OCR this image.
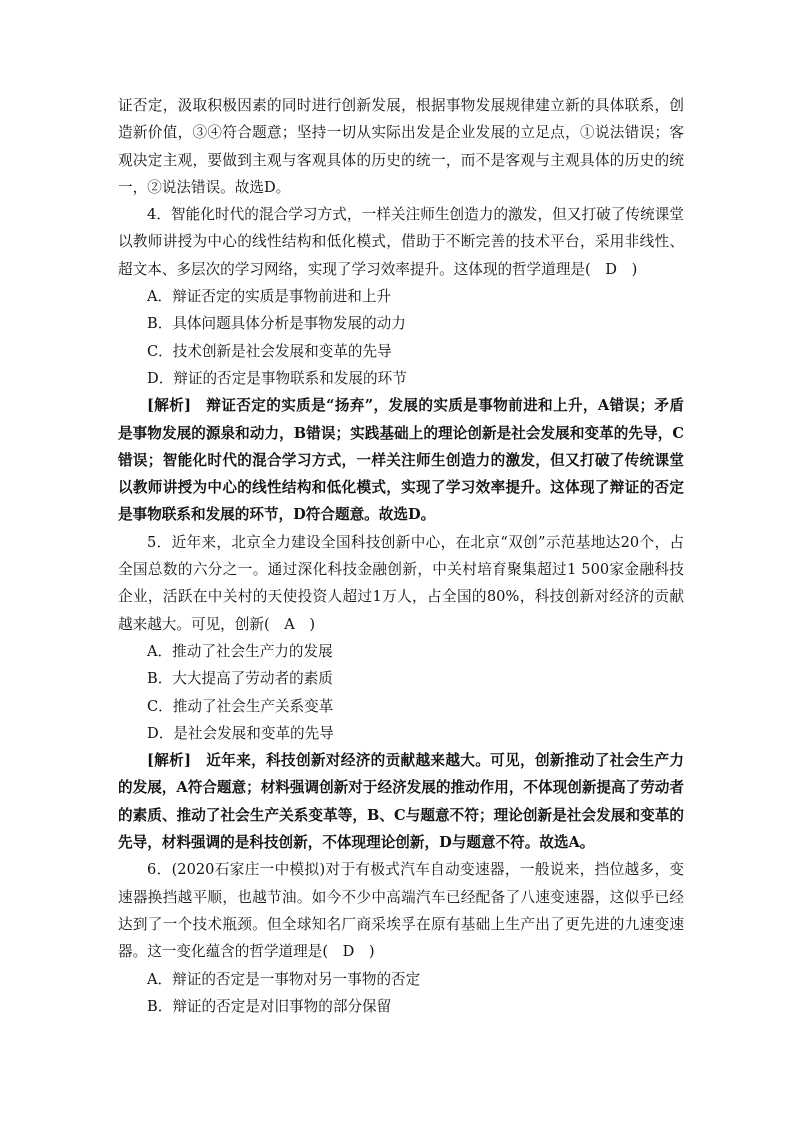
证否定，汲取积极因素的同时进行创新发展，根据事物发展规律建立新的具体联系，创造新价值，③④符合题意；坚持一切从实际出发是企业发展的立足点，①说法错误；客观决定主观，要做到主观与客观具体的历史的统一，而不是客观与主观具体的历史的统一，②说法错误。故选D。

4．智能化时代的混合学习方式，一样关注师生创造力的激发，但又打破了传统课堂以教师讲授为中心的线性结构和低化模式，借助于不断完善的技术平台，采用非线性、超文本、多层次的学习网络，实现了学习效率提升。这体现的哲学道理是(　D　)

A．辩证否定的实质是事物前进和上升

B．具体问题具体分析是事物发展的动力

C．技术创新是社会发展和变革的先导

D．辩证的否定是事物联系和发展的环节

[解析]　辩证否定的实质是“扬弃”，发展的实质是事物前进和上升，A错误；矛盾是事物发展的源泉和动力，B错误；实践基础上的理论创新是社会发展和变革的先导，C错误；智能化时代的混合学习方式，一样关注师生创造力的激发，但又打破了传统课堂以教师讲授为中心的线性结构和低化模式，实现了学习效率提升。这体现了辩证的否定是事物联系和发展的环节，D符合题意。故选D。

5．近年来，北京全力建设全国科技创新中心，在北京“双创”示范基地达20个，占全国总数的六分之一。通过深化科技金融创新，中关村培育聚集超过1 500家金融科技企业，活跃在中关村的天使投资人超过1万人，占全国的80%，科技创新对经济的贡献越来越大。可见，创新(　A　)

A．推动了社会生产力的发展

B．大大提高了劳动者的素质

C．推动了社会生产关系变革

D．是社会发展和变革的先导

[解析]　近年来，科技创新对经济的贡献越来越大。可见，创新推动了社会生产力的发展，A符合题意；材料强调创新对于经济发展的推动作用，不体现创新提高了劳动者的素质、推动了社会生产关系变革等，B、C与题意不符；理论创新是社会发展和变革的先导，材料强调的是科技创新，不体现理论创新，D与题意不符。故选A。

6．(2020石家庄一中模拟)对于有极式汽车自动变速器，一般说来，挡位越多，变速器换挡越平顺，也越节油。如今不少中高端汽车已经配备了八速变速器，这似乎已经达到了一个技术瓶颈。但全球知名厂商采埃孚在原有基础上生产出了更先进的九速变速器。这一变化蕴含的哲学道理是(　D　)

A．辩证的否定是一事物对另一事物的否定

B．辩证的否定是对旧事物的部分保留
